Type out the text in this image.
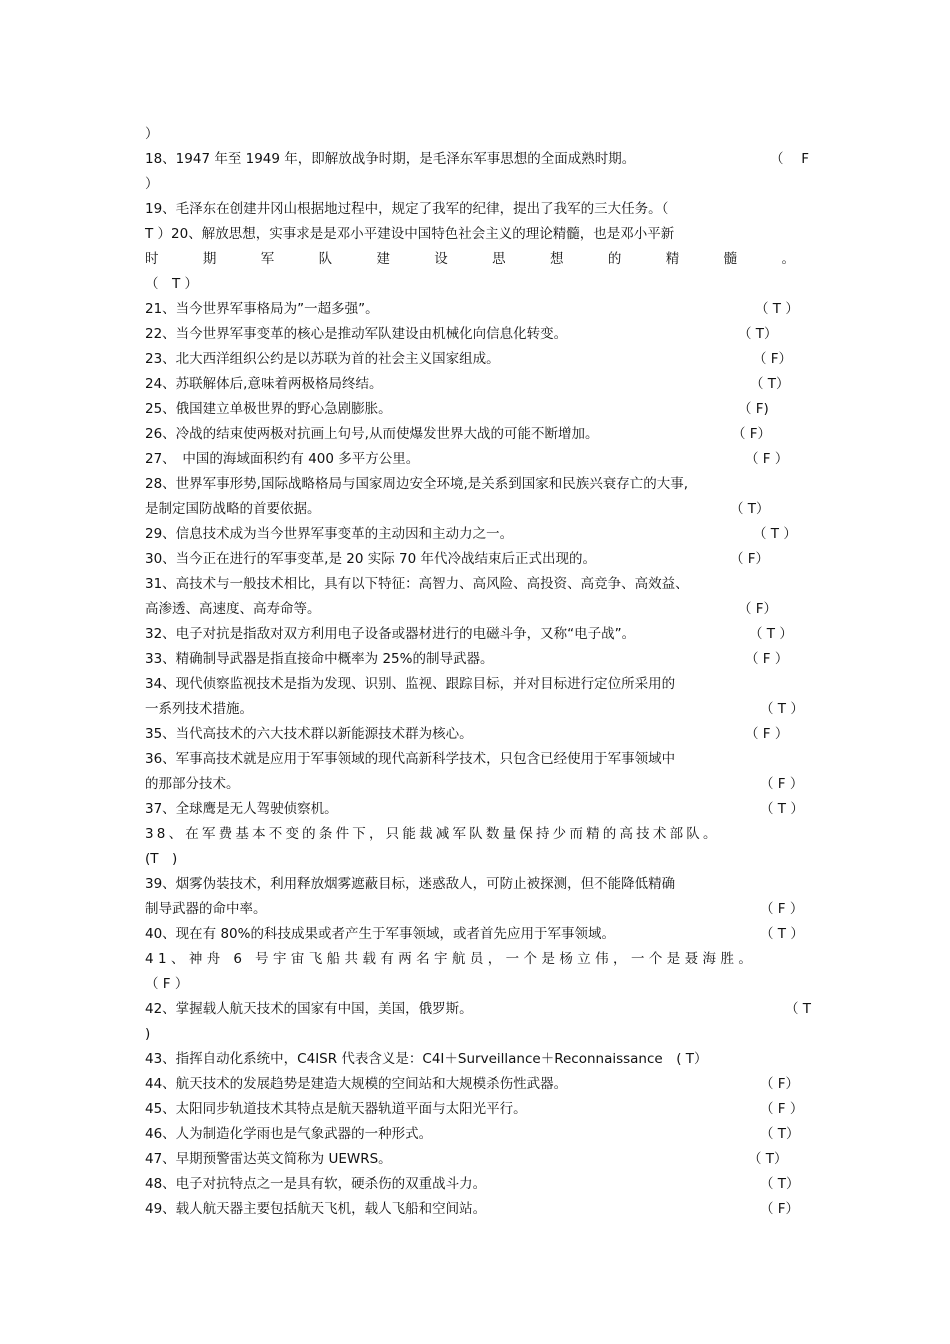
）
18、1947 年至 1949 年，即解放战争时期，是毛泽东军事思想的全面成熟时期。	（　 F
）
19、毛泽东在创建井冈山根据地过程中，规定了我军的纪律，提出了我军的三大任务。（
T ）20、解放思想，实事求是是邓小平建设中国特色社会主义的理论精髓，也是邓小平新
时	期	军	队	建	设	思	想	的	精	髓	。
（　T ）
21、当今世界军事格局为”一超多强”。	（ T ）
22、当今世界军事变革的核心是推动军队建设由机械化向信息化转变。	（ T）
23、北大西洋组织公约是以苏联为首的社会主义国家组成。	（ F）
24、苏联解体后,意味着两极格局终结。	（ T）
25、俄国建立单极世界的野心急剧膨胀。	（ F)
26、冷战的结束使两极对抗画上句号,从而使爆发世界大战的可能不断增加。	（ F）
27、　中国的海域面积约有 400 多平方公里。	（ F ）
28、世界军事形势,国际战略格局与国家周边安全环境,是关系到国家和民族兴衰存亡的大事,
是制定国防战略的首要依据。	（ T）
29、信息技术成为当今世界军事变革的主动因和主动力之一。	（ T ）
30、当今正在进行的军事变革,是 20 实际 70 年代冷战结束后正式出现的。	（ F）
31、高技术与一般技术相比，具有以下特征：高智力、高风险、高投资、高竞争、高效益、
高渗透、高速度、高寿命等。	（ F）
32、电子对抗是指敌对双方利用电子设备或器材进行的电磁斗争，又称“电子战”。	（ T ）
33、精确制导武器是指直接命中概率为 25%的制导武器。	（ F ）
34、现代侦察监视技术是指为发现、识别、监视、跟踪目标，并对目标进行定位所采用的
一系列技术措施。	（ T ）
35、当代高技术的六大技术群以新能源技术群为核心。	（ F ）
36、军事高技术就是应用于军事领域的现代高新科学技术，只包含已经使用于军事领域中
的那部分技术。	（ F ）
37、全球鹰是无人驾驶侦察机。	（ T ）
38、在军费基本不变的条件下，只能裁减军队数量保持少而精的高技术部队。
(T　)
39、烟雾伪装技术，利用释放烟雾遮蔽目标，迷惑敌人，可防止被探测，但不能降低精确
制导武器的命中率。	（ F ）
40、现在有 80%的科技成果或者产生于军事领域，或者首先应用于军事领域。	（ T ）
41、神舟 6 号宇宙飞船共载有两名宇航员，一个是杨立伟，一个是聂海胜。
（ F ）
42、掌握载人航天技术的国家有中国，美国，俄罗斯。	（ T
)
43、指挥自动化系统中，C4ISR 代表含义是：C4I＋Surveillance＋Reconnaissance　( T）
44、航天技术的发展趋势是建造大规模的空间站和大规模杀伤性武器。	（ F）
45、太阳同步轨道技术其特点是航天器轨道平面与太阳光平行。	（ F ）
46、人为制造化学雨也是气象武器的一种形式。	（ T）
47、早期预警雷达英文简称为 UEWRS。	（ T）
48、电子对抗特点之一是具有软，硬杀伤的双重战斗力。	（ T）
49、载人航天器主要包括航天飞机，载人飞船和空间站。	（ F）
